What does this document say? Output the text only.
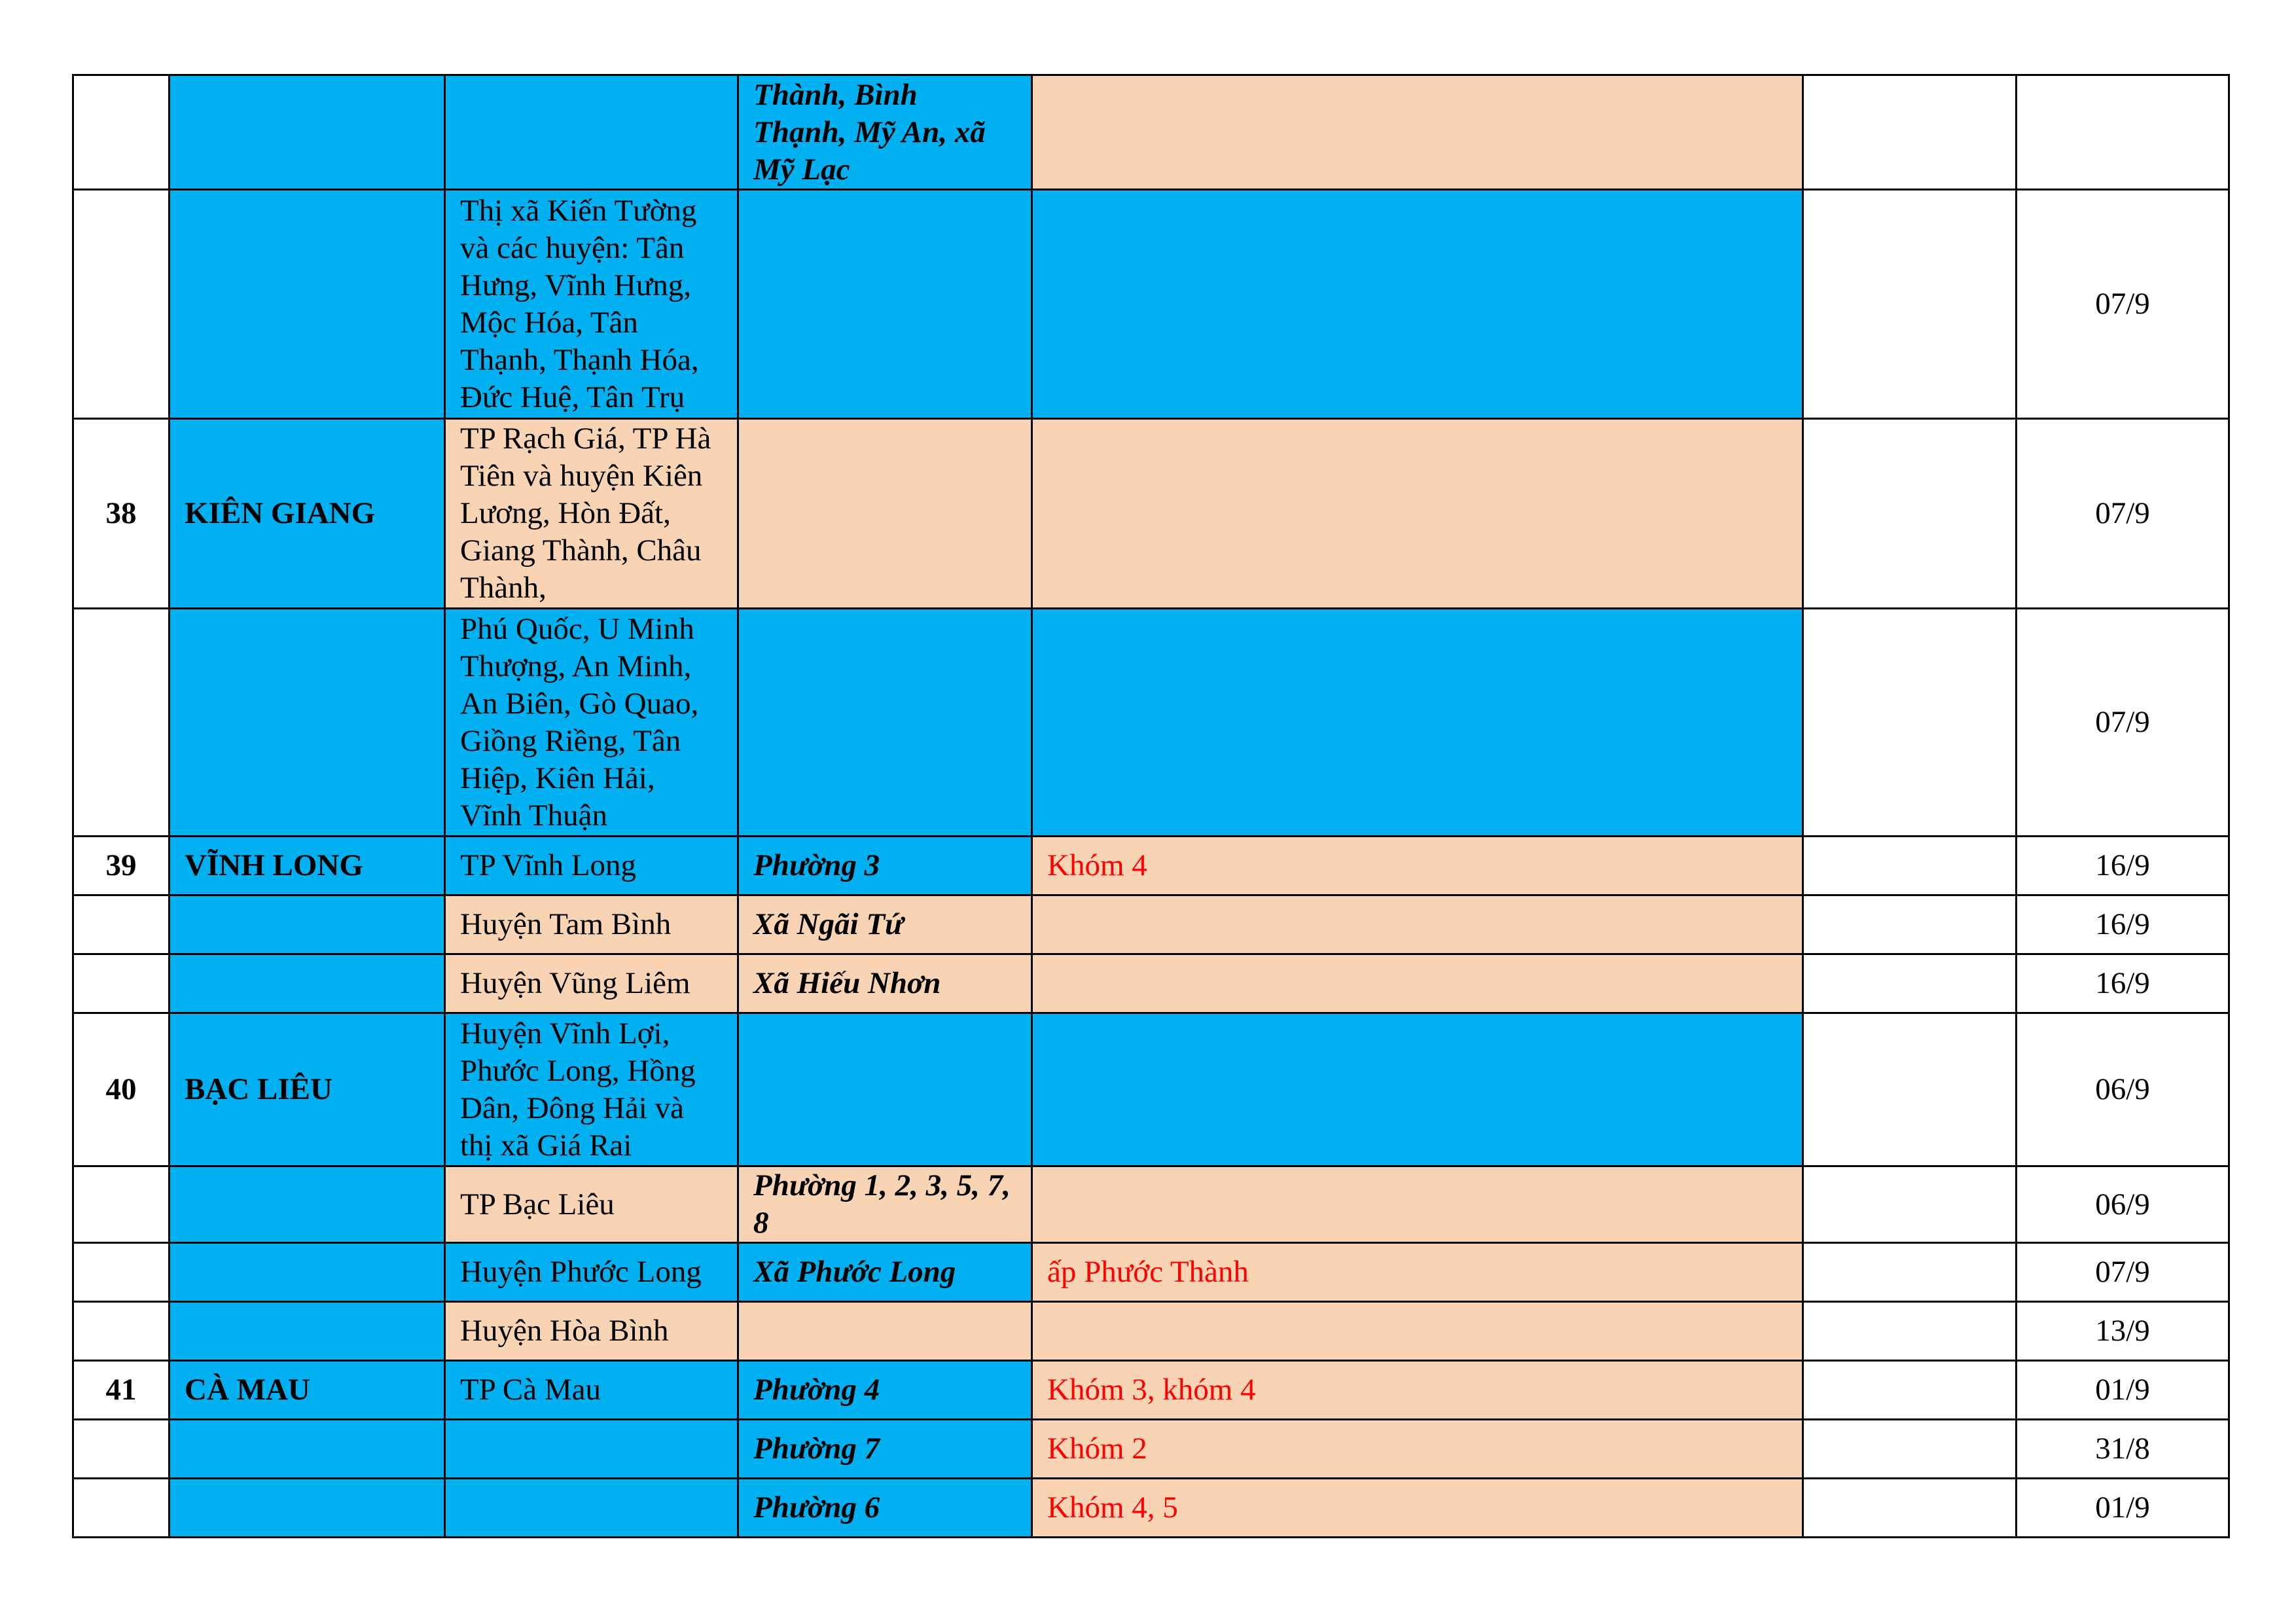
			Thành, Bình Thạnh, Mỹ An, xã Mỹ Lạc			
		Thị xã Kiến Tường và các huyện: Tân Hưng, Vĩnh Hưng, Mộc Hóa, Tân Thạnh, Thạnh Hóa, Đức Huệ, Tân Trụ				07/9
38	KIÊN GIANG	TP Rạch Giá, TP Hà Tiên và huyện Kiên Lương, Hòn Đất, Giang Thành, Châu Thành,				07/9
		Phú Quốc, U Minh Thượng, An Minh, An Biên, Gò Quao, Giồng Riềng, Tân Hiệp, Kiên Hải, Vĩnh Thuận				07/9
39	VĨNH LONG	TP Vĩnh Long	Phường 3	Khóm 4		16/9
		Huyện Tam Bình	Xã Ngãi Tứ			16/9
		Huyện Vũng Liêm	Xã Hiếu Nhơn			16/9
40	BẠC LIÊU	Huyện Vĩnh Lợi, Phước Long, Hồng Dân, Đông Hải và thị xã Giá Rai				06/9
		TP Bạc Liêu	Phường 1, 2, 3, 5, 7, 8			06/9
		Huyện Phước Long	Xã Phước Long	ấp Phước Thành		07/9
		Huyện Hòa Bình				13/9
41	CÀ MAU	TP Cà Mau	Phường 4	Khóm 3, khóm 4		01/9
			Phường 7	Khóm 2		31/8
			Phường 6	Khóm 4, 5		01/9
